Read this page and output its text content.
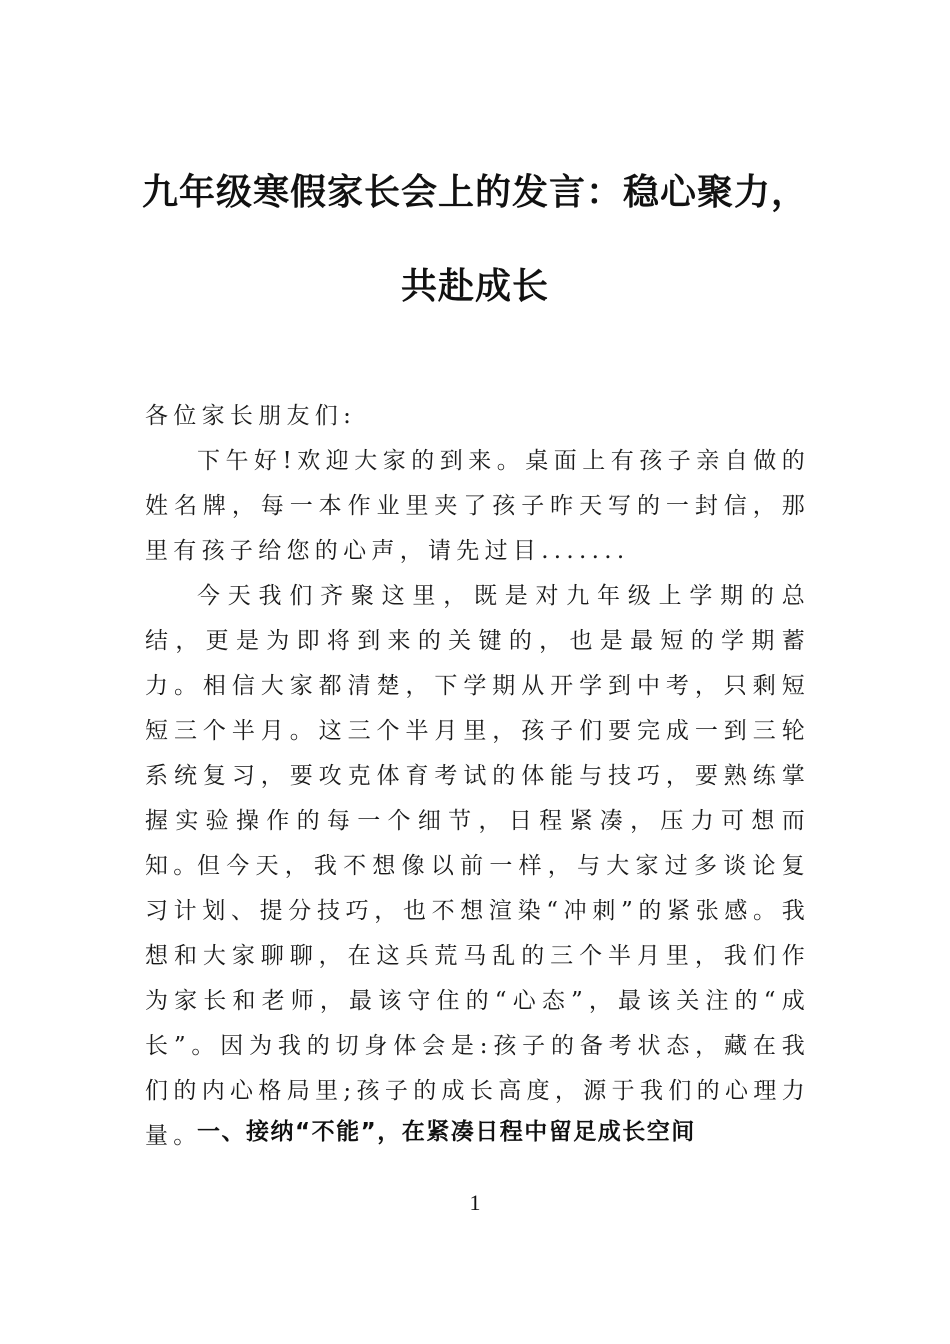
九年级寒假家长会上的发言：稳心聚力，
共赴成长

各位家长朋友们:

下午好!欢迎大家的到来。桌面上有孩子亲自做的姓名牌，每一本作业里夹了孩子昨天写的一封信，那里有孩子给您的心声，请先过目.......

今天我们齐聚这里，既是对九年级上学期的总结，更是为即将到来的关键的，也是最短的学期蓄力。相信大家都清楚，下学期从开学到中考，只剩短短三个半月。这三个半月里，孩子们要完成一到三轮系统复习，要攻克体育考试的体能与技巧，要熟练掌握实验操作的每一个细节，日程紧凑，压力可想而知。

但今天，我不想像以前一样，与大家过多谈论复习计划、提分技巧，也不想渲染“冲刺”的紧张感。我想和大家聊聊，在这兵荒马乱的三个半月里，我们作为家长和老师，最该守住的“心态”，最该关注的“成长”。因为我的切身体会是:孩子的备考状态，藏在我们的内心格局里;孩子的成长高度，源于我们的心理力量。

一、接纳“不能”，在紧凑日程中留足成长空间
1
